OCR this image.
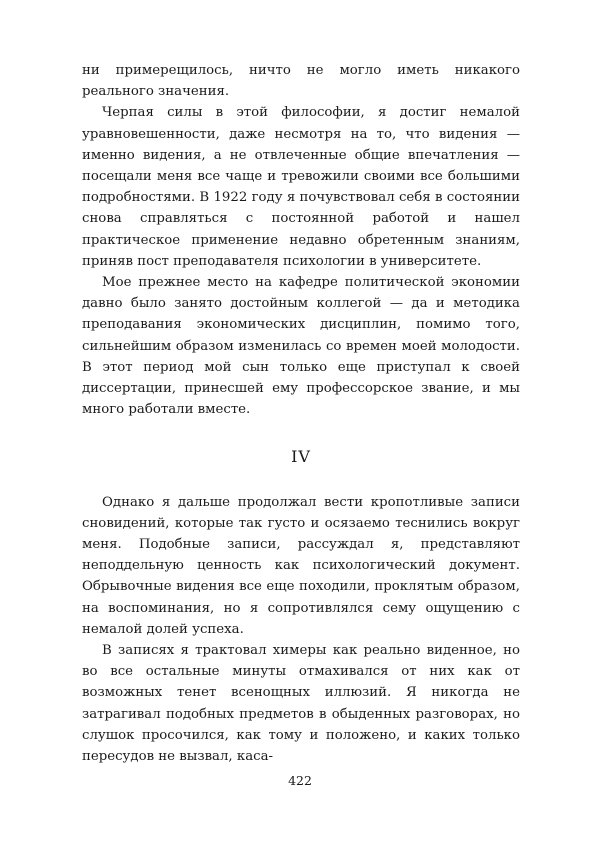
ни примерещилось, ничто не могло иметь никакого реального значения.

Черпая силы в этой философии, я достиг немалой уравновешенности, даже несмотря на то, что видения — именно видения, а не отвлеченные общие впечатления — посещали меня все чаще и тревожили своими все большими подробностями. В 1922 году я почувствовал себя в состоянии снова справляться с постоянной работой и нашел практическое применение недавно обретенным знаниям, приняв пост преподавателя психологии в университете.

Мое прежнее место на кафедре политической экономии давно было занято достойным коллегой — да и методика преподавания экономических дисциплин, помимо того, сильнейшим образом изменилась со времен моей молодости. В этот период мой сын только еще приступал к своей диссертации, принесшей ему профессорское звание, и мы много работали вместе.

IV

Однако я дальше продолжал вести кропотливые записи сновидений, которые так густо и осязаемо теснились вокруг меня. Подобные записи, рассуждал я, представляют неподдельную ценность как психологический документ. Обрывочные видения все еще походили, проклятым образом, на воспоминания, но я сопротивлялся сему ощущению с немалой долей успеха.

В записях я трактовал химеры как реально виденное, но во все остальные минуты отмахивался от них как от возможных тенет всенощных иллюзий. Я никогда не затрагивал подобных предметов в обыденных разговорах, но слушок просочился, как тому и положено, и каких только пересудов не вызвал, каса-

422
